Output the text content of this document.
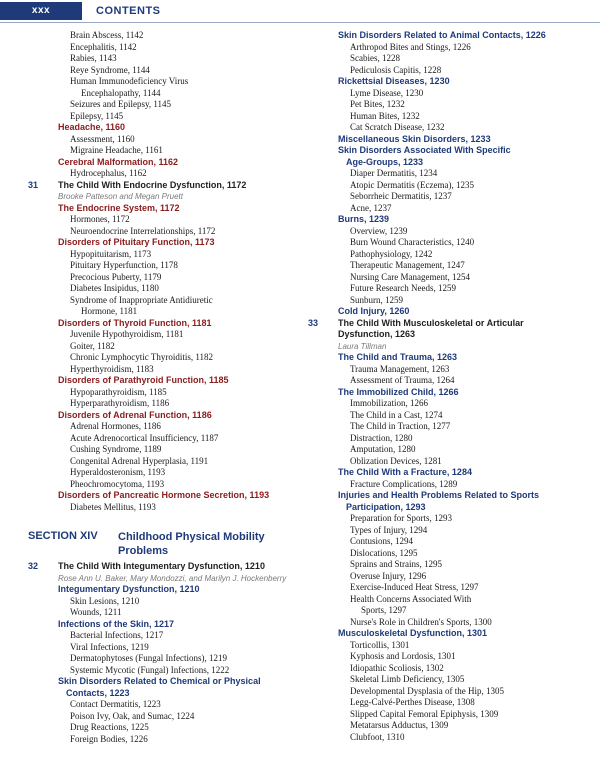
xxx	CONTENTS
Brain Abscess, 1142
Encephalitis, 1142
Rabies, 1143
Reye Syndrome, 1144
Human Immunodeficiency Virus
Encephalopathy, 1144
Seizures and Epilepsy, 1145
Epilepsy, 1145
Headache, 1160
Assessment, 1160
Migraine Headache, 1161
Cerebral Malformation, 1162
Hydrocephalus, 1162
31	The Child With Endocrine Dysfunction, 1172
Brooke Patteson and Megan Pruett
The Endocrine System, 1172
Hormones, 1172
Neuroendocrine Interrelationships, 1172
Disorders of Pituitary Function, 1173
Hypopituitarism, 1173
Pituitary Hyperfunction, 1178
Precocious Puberty, 1179
Diabetes Insipidus, 1180
Syndrome of Inappropriate Antidiuretic
Hormone, 1181
Disorders of Thyroid Function, 1181
Juvenile Hypothyroidism, 1181
Goiter, 1182
Chronic Lymphocytic Thyroiditis, 1182
Hyperthyroidism, 1183
Disorders of Parathyroid Function, 1185
Hypoparathyroidism, 1185
Hyperparathyroidism, 1186
Disorders of Adrenal Function, 1186
Adrenal Hormones, 1186
Acute Adrenocortical Insufficiency, 1187
Cushing Syndrome, 1189
Congenital Adrenal Hyperplasia, 1191
Hyperaldosteronism, 1193
Pheochromocytoma, 1193
Disorders of Pancreatic Hormone Secretion, 1193
Diabetes Mellitus, 1193
SECTION XIV Childhood Physical Mobility Problems
32	The Child With Integumentary Dysfunction, 1210
Rose Ann U. Baker, Mary Mondozzi, and Marilyn J. Hockenberry
Integumentary Dysfunction, 1210
Skin Lesions, 1210
Wounds, 1211
Infections of the Skin, 1217
Bacterial Infections, 1217
Viral Infections, 1219
Dermatophytoses (Fungal Infections), 1219
Systemic Mycotic (Fungal) Infections, 1222
Skin Disorders Related to Chemical or Physical
Contacts, 1223
Contact Dermatitis, 1223
Poison Ivy, Oak, and Sumac, 1224
Drug Reactions, 1225
Foreign Bodies, 1226
Skin Disorders Related to Animal Contacts, 1226
Arthropod Bites and Stings, 1226
Scabies, 1228
Pediculosis Capitis, 1228
Rickettsial Diseases, 1230
Lyme Disease, 1230
Pet Bites, 1232
Human Bites, 1232
Cat Scratch Disease, 1232
Miscellaneous Skin Disorders, 1233
Skin Disorders Associated With Specific
Age-Groups, 1233
Diaper Dermatitis, 1234
Atopic Dermatitis (Eczema), 1235
Seborrheic Dermatitis, 1237
Acne, 1237
Burns, 1239
Overview, 1239
Burn Wound Characteristics, 1240
Pathophysiology, 1242
Therapeutic Management, 1247
Nursing Care Management, 1254
Future Research Needs, 1259
Sunburn, 1259
Cold Injury, 1260
33	The Child With Musculoskeletal or Articular
Dysfunction, 1263
Laura Tillman
The Child and Trauma, 1263
Trauma Management, 1263
Assessment of Trauma, 1264
The Immobilized Child, 1266
Immobilization, 1266
The Child in a Cast, 1274
The Child in Traction, 1277
Distraction, 1280
Amputation, 1280
Oblization Devices, 1281
The Child With a Fracture, 1284
Fracture Complications, 1289
Injuries and Health Problems Related to Sports
Participation, 1293
Preparation for Sports, 1293
Types of Injury, 1294
Contusions, 1294
Dislocations, 1295
Sprains and Strains, 1295
Overuse Injury, 1296
Exercise-Induced Heat Stress, 1297
Health Concerns Associated With
Sports, 1297
Nurse's Role in Children's Sports, 1300
Musculoskeletal Dysfunction, 1301
Torticollis, 1301
Kyphosis and Lordosis, 1301
Idiopathic Scoliosis, 1302
Skeletal Limb Deficiency, 1305
Developmental Dysplasia of the Hip, 1305
Legg-Calvé-Perthes Disease, 1308
Slipped Capital Femoral Epiphysis, 1309
Metatarsus Adductus, 1309
Clubfoot, 1310
